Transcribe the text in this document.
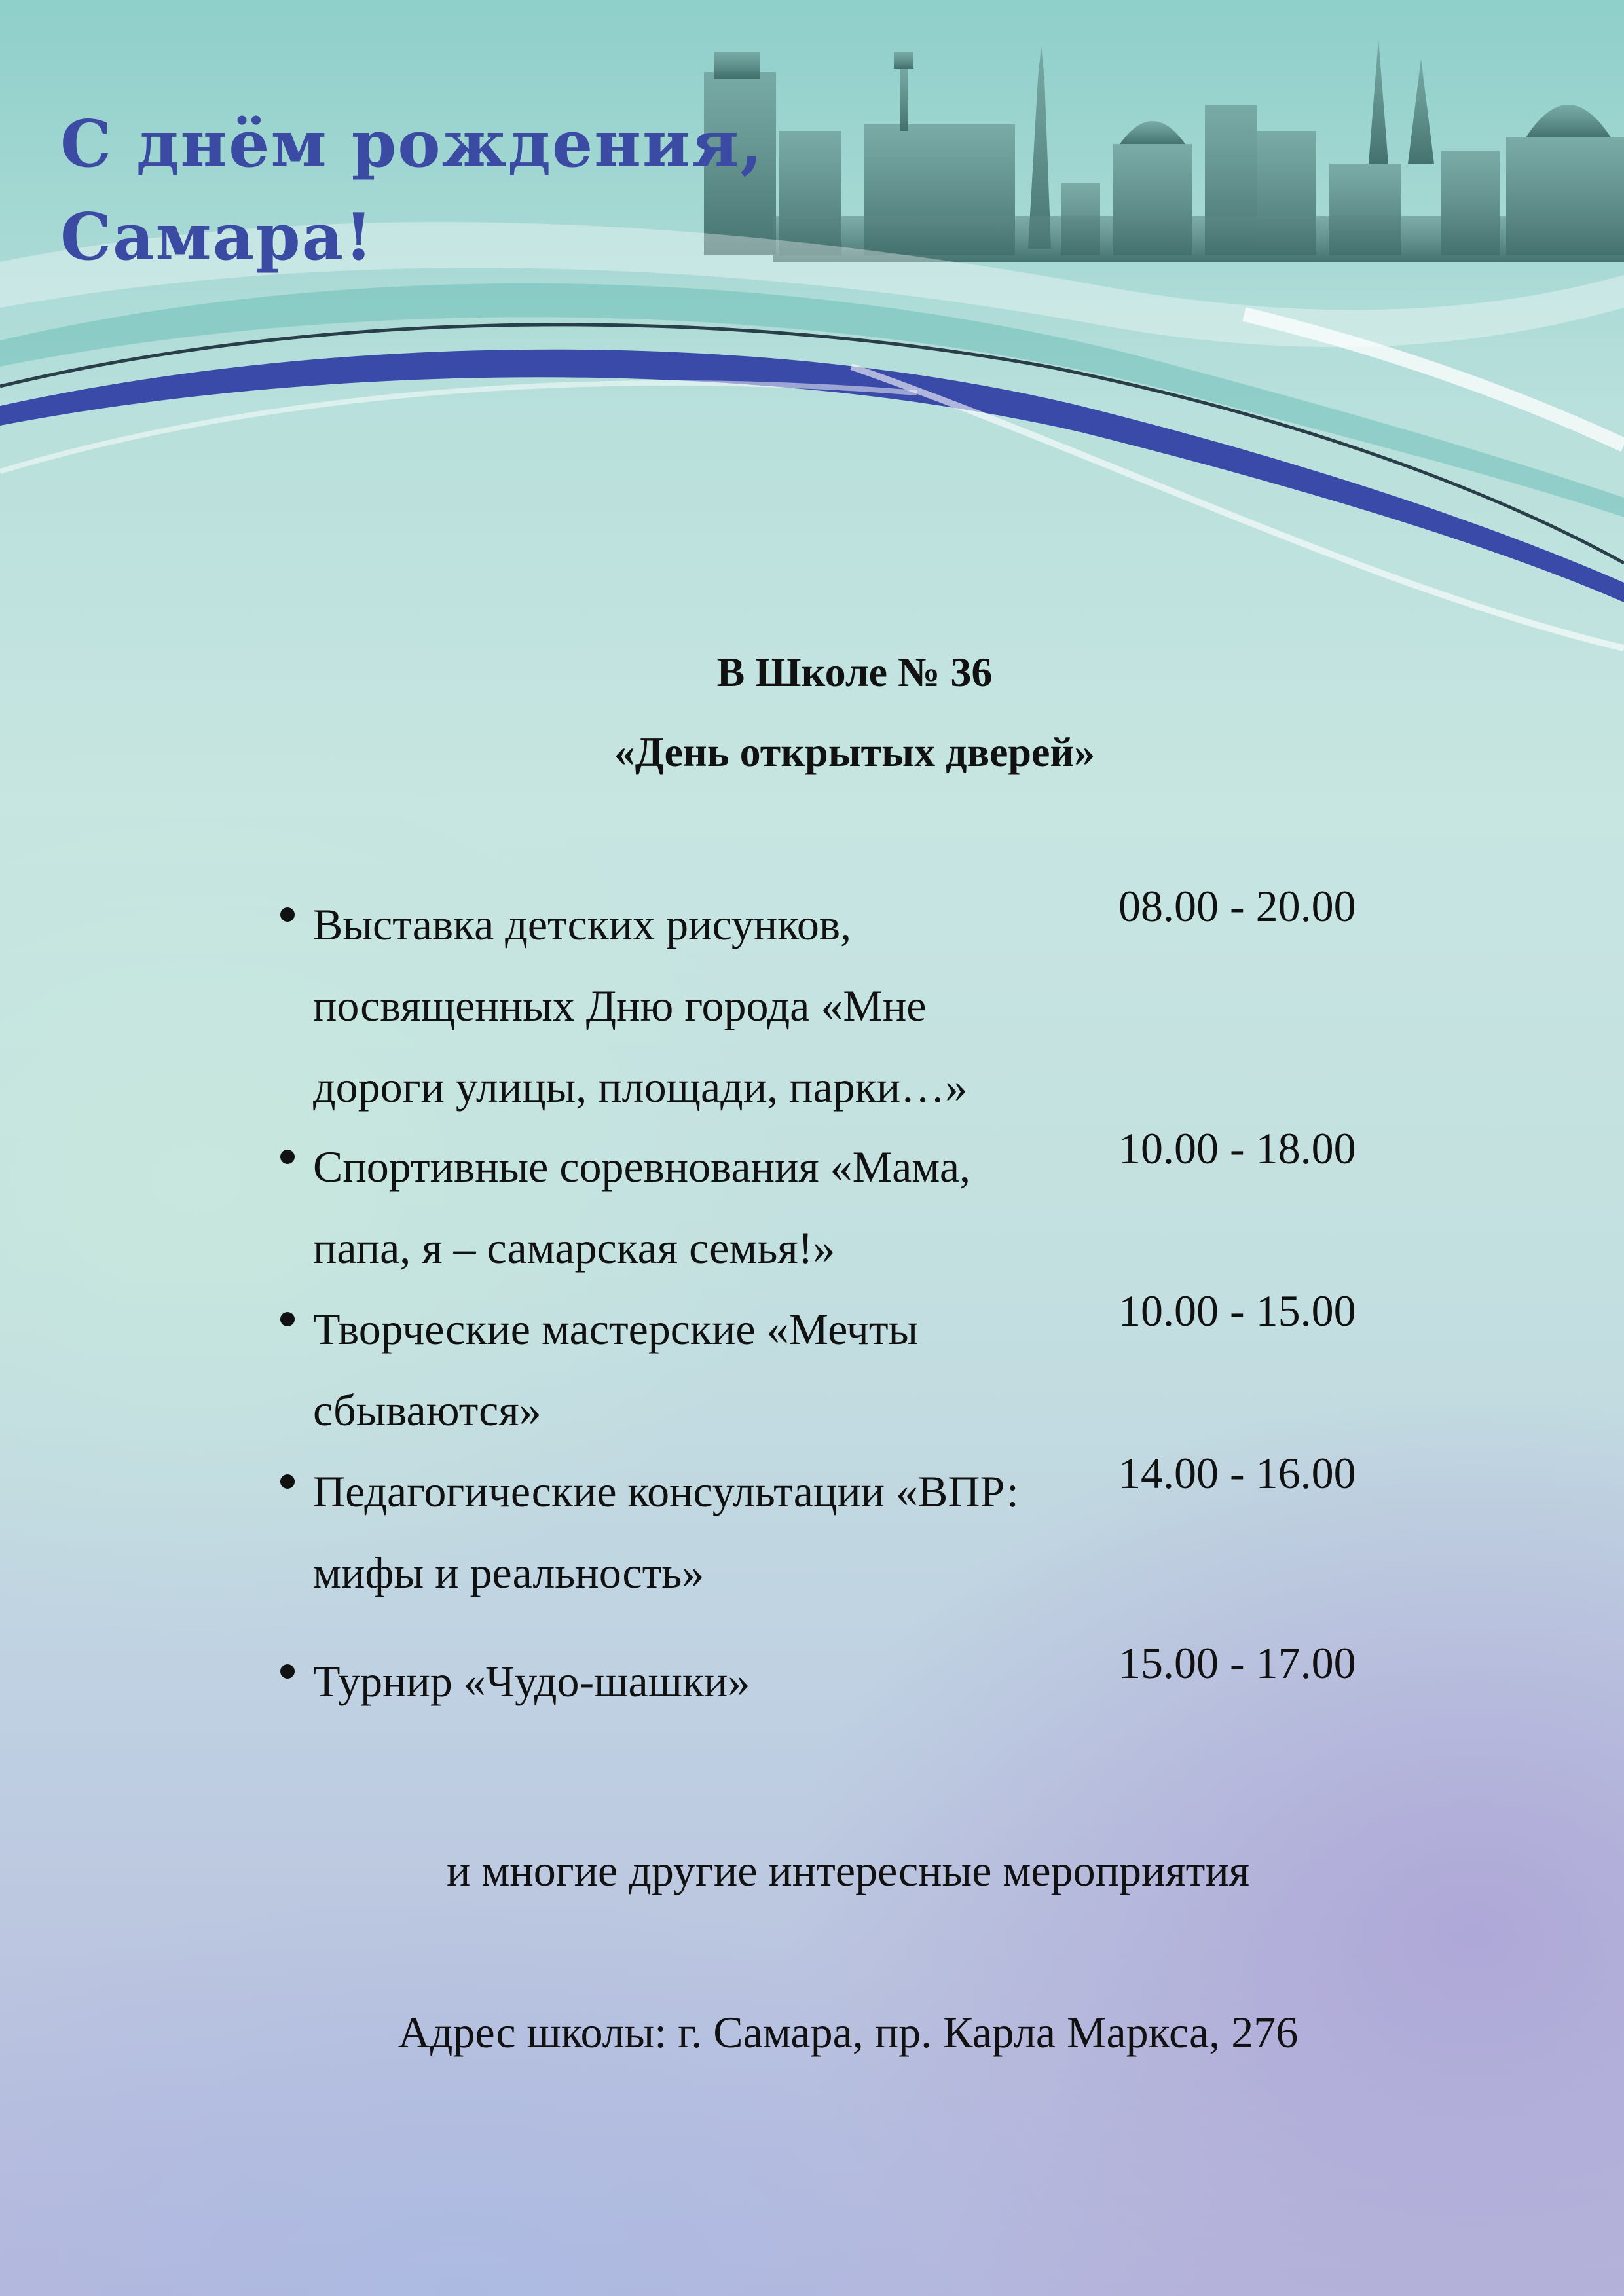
С днём рождения,
Самара!
В Школе № 36
«День открытых дверей»
Выставка детских рисунков,
посвященных Дню города «Мне
дороги улицы, площади, парки…»
08.00 - 20.00
Спортивные соревнования «Мама,
папа, я – самарская семья!»
10.00 - 18.00
Творческие мастерские «Мечты
сбываются»
10.00 - 15.00
Педагогические консультации «ВПР:
мифы и реальность»
14.00 - 16.00
Турнир «Чудо-шашки»	15.00 - 17.00

и многие другие интересные мероприятия

Адрес школы: г. Самара, пр. Карла Маркса, 276
